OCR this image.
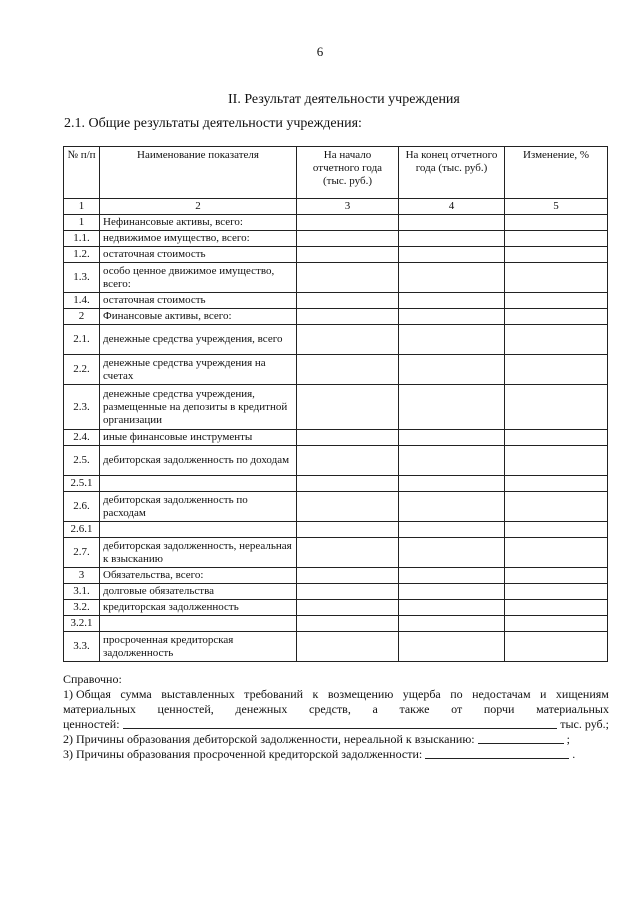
6
II. Результат деятельности учреждения
2.1. Общие результаты деятельности учреждения:
№ п/п	Наименование показателя	На начало отчетного года (тыс. руб.)	На конец отчетного года (тыс. руб.)	Изменение, %
1	2	3	4	5
1	Нефинансовые активы, всего:			
1.1.	недвижимое имущество, всего:			
1.2.	остаточная стоимость			
1.3.	особо ценное движимое имущество, всего:			
1.4.	остаточная стоимость			
2	Финансовые активы, всего:			
2.1.	денежные средства учреждения, всего			
2.2.	денежные средства учреждения на счетах			
2.3.	денежные средства учреждения, размещенные на депозиты в кредитной организации			
2.4.	иные финансовые инструменты			
2.5.	дебиторская задолженность по доходам			
2.5.1				
2.6.	дебиторская задолженность по расходам			
2.6.1				
2.7.	дебиторская задолженность, нереальная к взысканию			
3	Обязательства, всего:			
3.1.	долговые обязательства			
3.2.	кредиторская задолженность			
3.2.1				
3.3.	просроченная кредиторская задолженность			

Справочно:

1) Общая сумма выставленных требований к возмещению ущерба по недостачам и хищениям
материальных ценностей, денежных средств, а также от порчи материальных
ценностей:	тыс. руб.;
2) Причины образования дебиторской задолженности, нереальной к взысканию:	;
3) Причины образования просроченной кредиторской задолженности:	.
